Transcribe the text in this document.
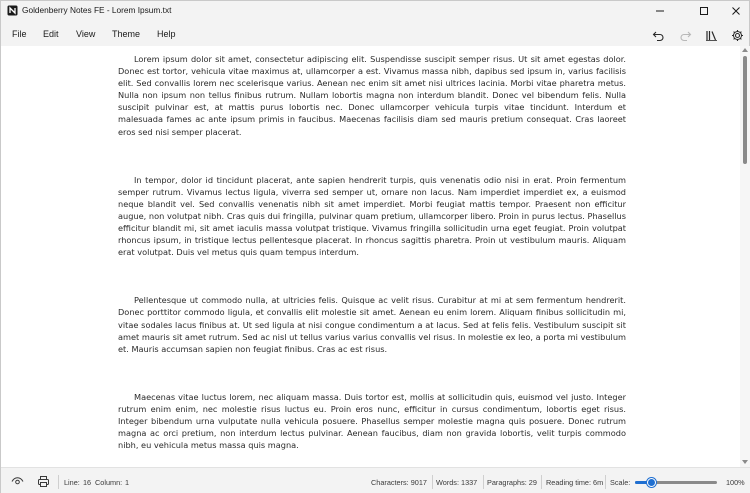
Goldenberry Notes FE - Lorem Ipsum.txt
File Edit View Theme Help

Lorem ipsum dolor sit amet, consectetur adipiscing elit. Suspendisse suscipit semper risus. Ut sit amet egestas dolor. Donec est tortor, vehicula vitae maximus at, ullamcorper a est. Vivamus massa nibh, dapibus sed ipsum in, varius facilisis elit. Sed convallis lorem nec scelerisque varius. Aenean nec enim sit amet nisi ultrices lacinia. Morbi vitae pharetra metus. Nulla non ipsum non tellus finibus rutrum. Nullam lobortis magna non interdum blandit. Donec vel bibendum felis. Nulla suscipit pulvinar est, at mattis purus lobortis nec. Donec ullamcorper vehicula turpis vitae tincidunt. Interdum et malesuada fames ac ante ipsum primis in faucibus. Maecenas facilisis diam sed mauris pretium consequat. Cras laoreet eros sed nisi semper placerat.

In tempor, dolor id tincidunt placerat, ante sapien hendrerit turpis, quis venenatis odio nisi in erat. Proin fermentum semper rutrum. Vivamus lectus ligula, viverra sed semper ut, ornare non lacus. Nam imperdiet imperdiet ex, a euismod neque blandit vel. Sed convallis venenatis nibh sit amet imperdiet. Morbi feugiat mattis tempor. Praesent non efficitur augue, non volutpat nibh. Cras quis dui fringilla, pulvinar quam pretium, ullamcorper libero. Proin in purus lectus. Phasellus efficitur blandit mi, sit amet iaculis massa volutpat tristique. Vivamus fringilla sollicitudin urna eget feugiat. Proin volutpat rhoncus ipsum, in tristique lectus pellentesque placerat. In rhoncus sagittis pharetra. Proin ut vestibulum mauris. Aliquam erat volutpat. Duis vel metus quis quam tempus interdum.

Pellentesque ut commodo nulla, at ultricies felis. Quisque ac velit risus. Curabitur at mi at sem fermentum hendrerit. Donec porttitor commodo ligula, et convallis elit molestie sit amet. Aenean eu enim lorem. Aliquam finibus sollicitudin mi, vitae sodales lacus finibus at. Ut sed ligula at nisi congue condimentum a at lacus. Sed at felis felis. Vestibulum suscipit sit amet mauris sit amet rutrum. Sed ac nisl ut tellus varius varius convallis vel risus. In molestie ex leo, a porta mi vestibulum et. Mauris accumsan sapien non feugiat finibus. Cras ac est risus.

Maecenas vitae luctus lorem, nec aliquam massa. Duis tortor est, mollis at sollicitudin quis, euismod vel justo. Integer rutrum enim enim, nec molestie risus luctus eu. Proin eros nunc, efficitur in cursus condimentum, lobortis eget risus. Integer bibendum urna vulputate nulla vehicula posuere. Phasellus semper molestie magna quis posuere. Donec rutrum magna ac orci pretium, non interdum lectus pulvinar. Aenean faucibus, diam non gravida lobortis, velit turpis commodo nibh, eu vehicula metus massa quis magna.

Line: 16 Column: 1	Characters: 9017 Words: 1337 Paragraphs: 29 Reading time: 6m Scale:	100%
